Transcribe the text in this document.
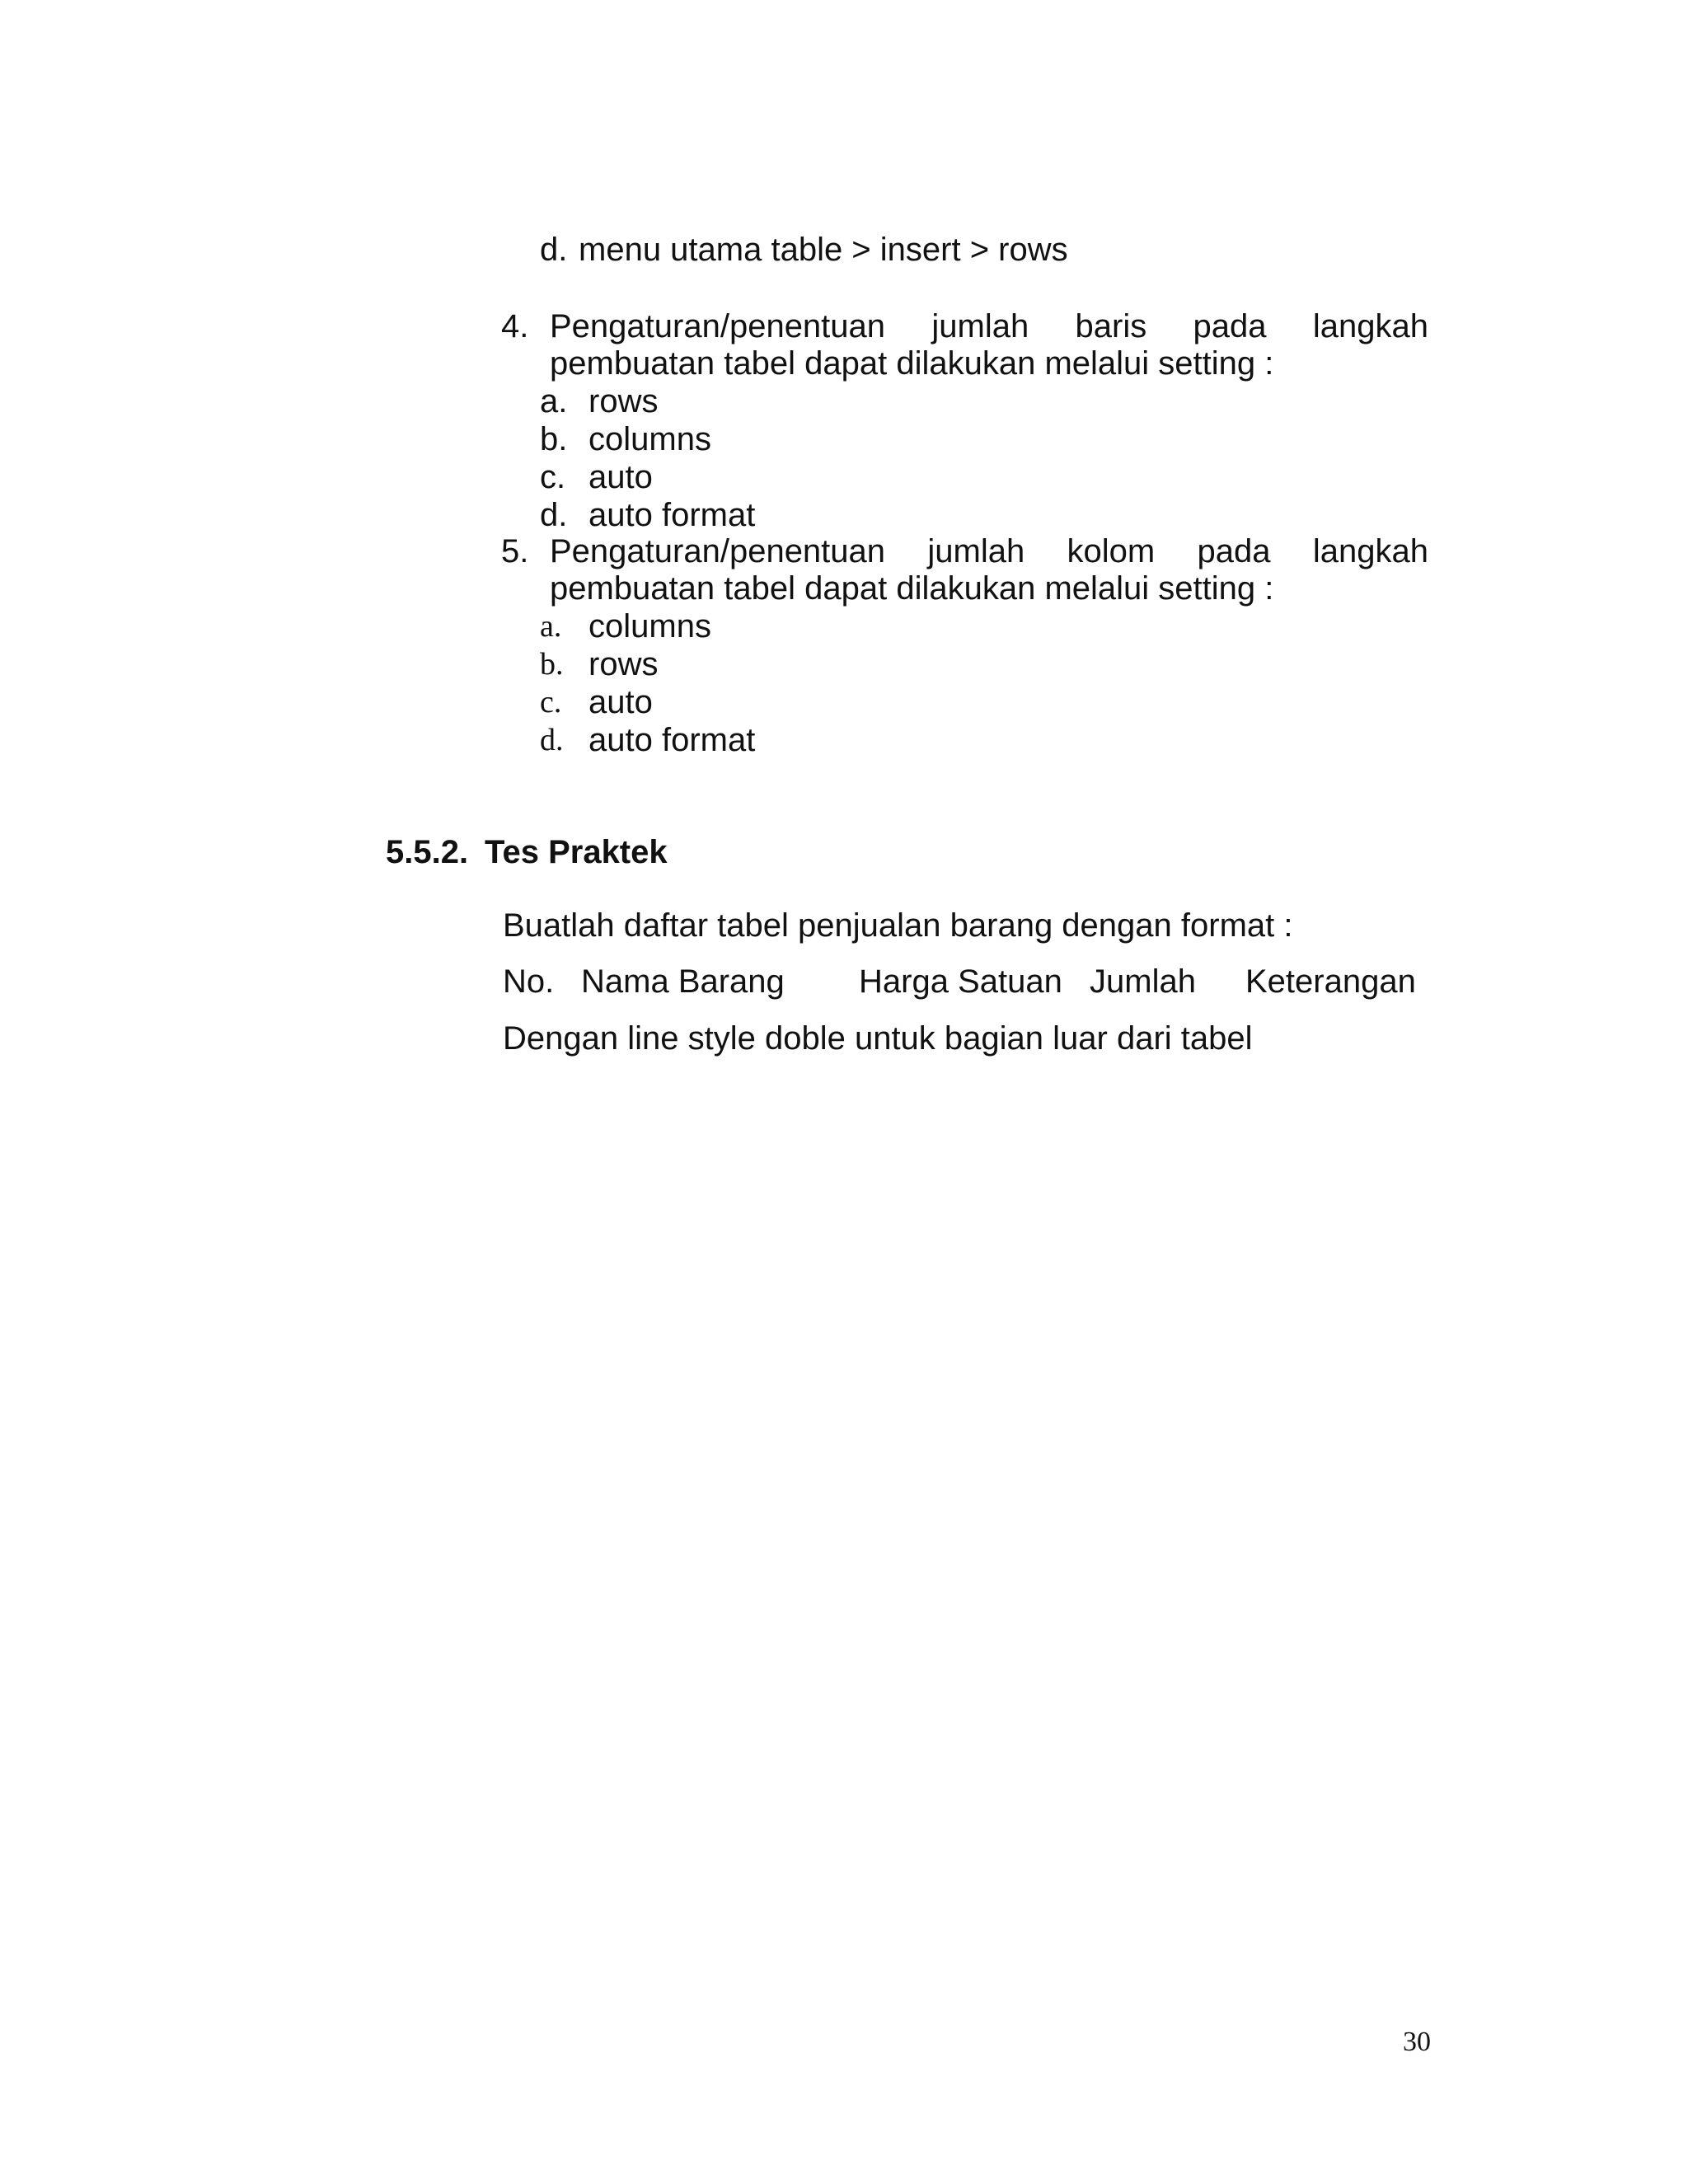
d. menu utama table > insert > rows
4. Pengaturan/penentuan jumlah baris pada langkah
pembuatan tabel dapat dilakukan melalui setting :
a. rows
b. columns
c. auto
d. auto format
5. Pengaturan/penentuan jumlah kolom pada langkah
pembuatan tabel dapat dilakukan melalui setting :
a. columns
b. rows
c. auto
d. auto format
5.5.2. Tes Praktek
Buatlah daftar tabel penjualan barang dengan format :
No. Nama Barang Harga Satuan Jumlah Keterangan
Dengan line style doble untuk bagian luar dari tabel
30
